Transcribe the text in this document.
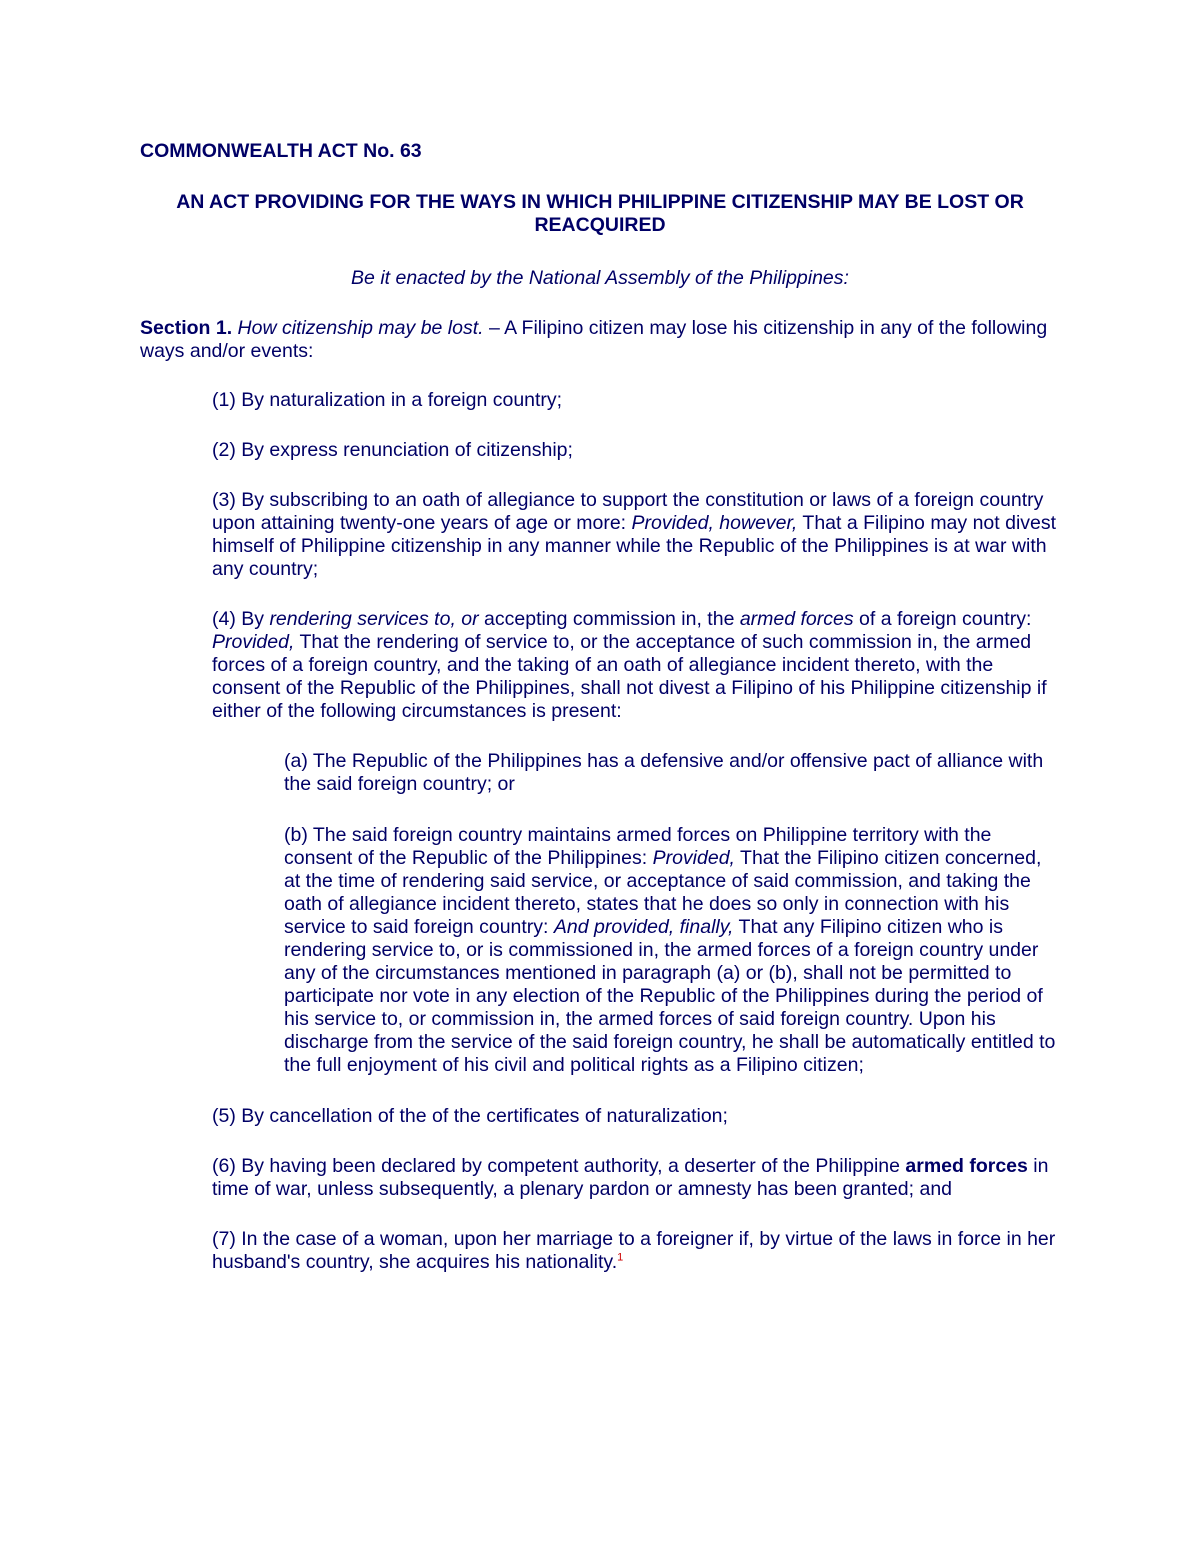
COMMONWEALTH ACT No. 63

AN ACT PROVIDING FOR THE WAYS IN WHICH PHILIPPINE CITIZENSHIP MAY BE LOST OR REACQUIRED

Be it enacted by the National Assembly of the Philippines:

Section 1. How citizenship may be lost. – A Filipino citizen may lose his citizenship in any of the following ways and/or events:

(1) By naturalization in a foreign country;

(2) By express renunciation of citizenship;

(3) By subscribing to an oath of allegiance to support the constitution or laws of a foreign country upon attaining twenty-one years of age or more: Provided, however, That a Filipino may not divest himself of Philippine citizenship in any manner while the Republic of the Philippines is at war with any country;

(4) By rendering services to, or accepting commission in, the armed forces of a foreign country: Provided, That the rendering of service to, or the acceptance of such commission in, the armed forces of a foreign country, and the taking of an oath of allegiance incident thereto, with the consent of the Republic of the Philippines, shall not divest a Filipino of his Philippine citizenship if either of the following circumstances is present:

(a) The Republic of the Philippines has a defensive and/or offensive pact of alliance with the said foreign country; or

(b) The said foreign country maintains armed forces on Philippine territory with the consent of the Republic of the Philippines: Provided, That the Filipino citizen concerned, at the time of rendering said service, or acceptance of said commission, and taking the oath of allegiance incident thereto, states that he does so only in connection with his service to said foreign country: And provided, finally, That any Filipino citizen who is rendering service to, or is commissioned in, the armed forces of a foreign country under any of the circumstances mentioned in paragraph (a) or (b), shall not be permitted to participate nor vote in any election of the Republic of the Philippines during the period of his service to, or commission in, the armed forces of said foreign country. Upon his discharge from the service of the said foreign country, he shall be automatically entitled to the full enjoyment of his civil and political rights as a Filipino citizen;

(5) By cancellation of the of the certificates of naturalization;

(6) By having been declared by competent authority, a deserter of the Philippine armed forces in time of war, unless subsequently, a plenary pardon or amnesty has been granted; and

(7) In the case of a woman, upon her marriage to a foreigner if, by virtue of the laws in force in her husband's country, she acquires his nationality.$^1$
